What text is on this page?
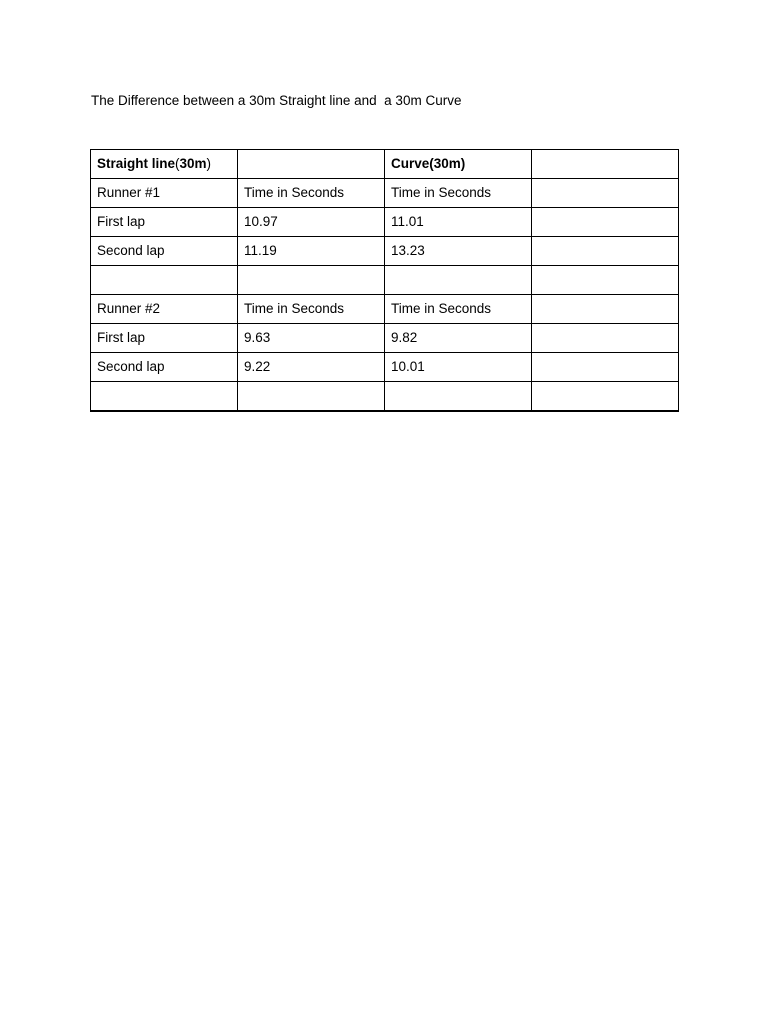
The Difference between a 30m Straight line and  a 30m Curve
Straight line(30m)		Curve(30m)	
Runner #1	Time in Seconds	Time in Seconds	
First lap	10.97	11.01	
Second lap	11.19	13.23	

Runner #2	Time in Seconds	Time in Seconds	
First lap	9.63	9.82	
Second lap	9.22	10.01	
